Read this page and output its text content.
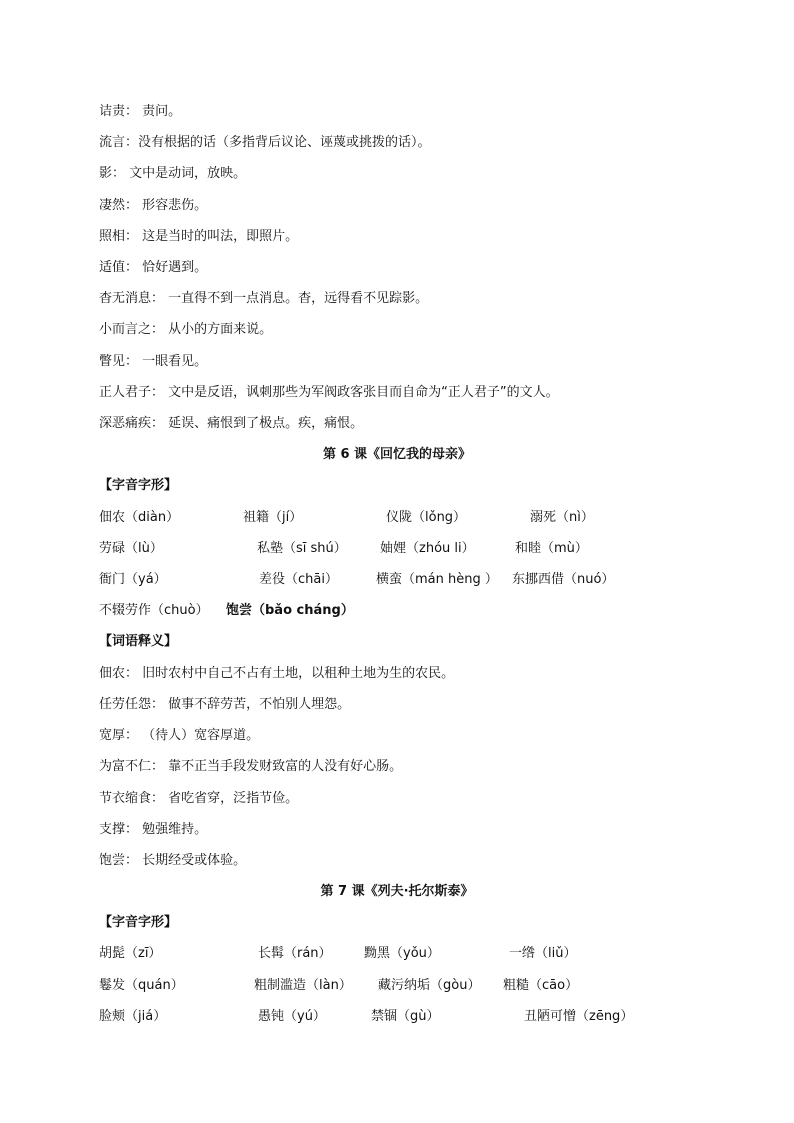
诘责： 责问。
流言：没有根据的话（多指背后议论、诬蔑或挑拨的话）。
影： 文中是动词，放映。
凄然： 形容悲伤。
照相： 这是当时的叫法，即照片。
适值： 恰好遇到。
杳无消息： 一直得不到一点消息。杳，远得看不见踪影。
小而言之： 从小的方面来说。
瞥见： 一眼看见。
正人君子： 文中是反语，讽刺那些为军阀政客张目而自命为“正人君子”的文人。
深恶痛疾： 延误、痛恨到了极点。疾，痛恨。
第 6 课《回忆我的母亲》
【字音字形】
佃农（diàn）	祖籍（jí）	仪陇（lǒng）	溺死（nì）
劳碌（lù）	私塾（sī shú）	妯娌（zhóu li）	和睦（mù）
衙门（yá）	差役（chāi）	横蛮（mán hèng ） 东挪西借（nuó）
不辍劳作（chuò） 饱尝（bǎo cháng）
【词语释义】
佃农： 旧时农村中自己不占有土地，以租种土地为生的农民。
任劳任怨： 做事不辞劳苦，不怕别人埋怨。
宽厚： （待人）宽容厚道。
为富不仁： 靠不正当手段发财致富的人没有好心肠。
节衣缩食： 省吃省穿，泛指节俭。
支撑： 勉强维持。
饱尝： 长期经受或体验。
第 7 课《列夫·托尔斯泰》
【字音字形】
胡髭（zī）	长髯（rán） 黝黑（yǒu）	一绺（liǔ）
鬈发（quán）	粗制滥造（làn） 藏污纳垢（gòu） 粗糙（cāo）
脸颊（jiá）	愚钝（yú）	禁锢（gù）	丑陋可憎（zēng）
